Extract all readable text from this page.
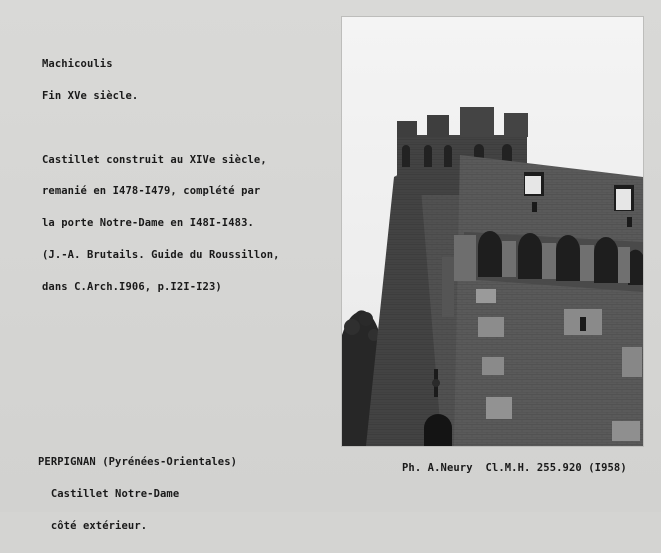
Machicoulis

Fin XVe siècle.

Castillet construit au XIVe siècle,

remanié en I478-I479, complété par

la porte Notre-Dame en I48I-I483.

(J.-A. Brutails. Guide du Roussillon,

dans C.Arch.I906, p.I2I-I23)

PERPIGNAN (Pyrénées-Orientales)

Castillet Notre-Dame

côté extérieur.

Ph. A.Neury  Cl.M.H. 255.920 (I958)
